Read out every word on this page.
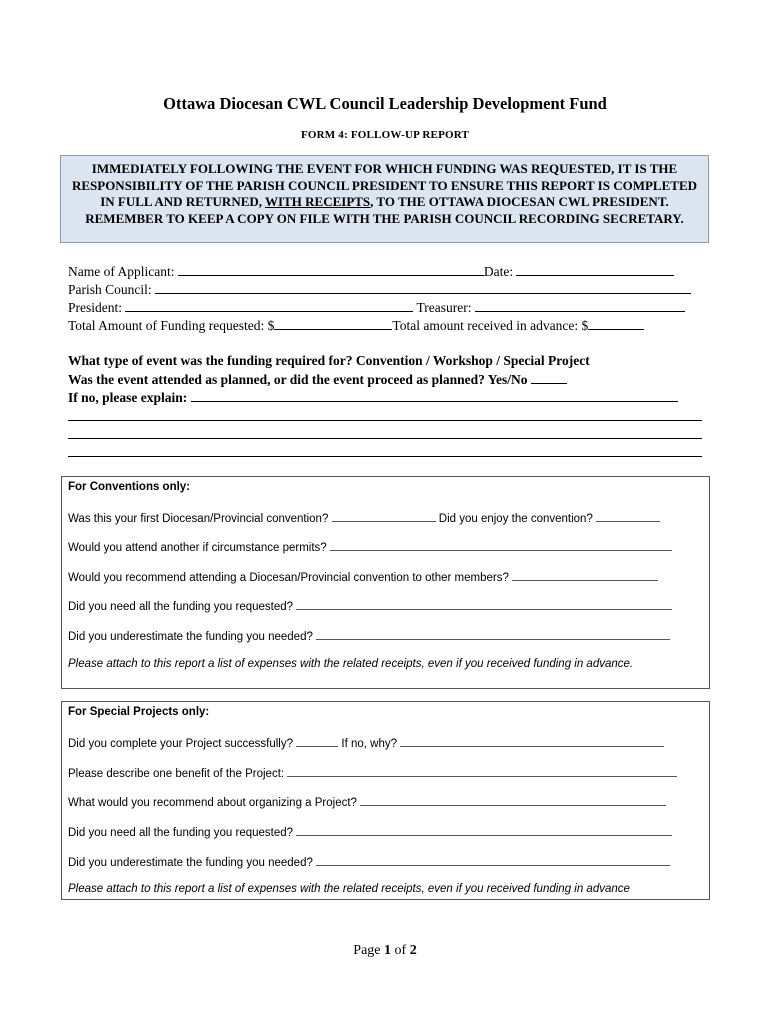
Ottawa Diocesan CWL Council Leadership Development Fund
FORM 4: FOLLOW-UP REPORT
IMMEDIATELY FOLLOWING THE EVENT FOR WHICH FUNDING WAS REQUESTED, IT IS THE RESPONSIBILITY OF THE PARISH COUNCIL PRESIDENT TO ENSURE THIS REPORT IS COMPLETED IN FULL AND RETURNED, WITH RECEIPTS, TO THE OTTAWA DIOCESAN CWL PRESIDENT. REMEMBER TO KEEP A COPY ON FILE WITH THE PARISH COUNCIL RECORDING SECRETARY.
Name of Applicant:	Date:
Parish Council:
President:	Treasurer:
Total Amount of Funding requested: $	Total amount received in advance: $
What type of event was the funding required for? Convention / Workshop / Special Project
Was the event attended as planned, or did the event proceed as planned? Yes/No
If no, please explain:
For Conventions only:
Was this your first Diocesan/Provincial convention?	Did you enjoy the convention?
Would you attend another if circumstance permits?
Would you recommend attending a Diocesan/Provincial convention to other members?
Did you need all the funding you requested?
Did you underestimate the funding you needed?
Please attach to this report a list of expenses with the related receipts, even if you received funding in advance.
For Special Projects only:
Did you complete your Project successfully?	If no, why?
Please describe one benefit of the Project:
What would you recommend about organizing a Project?
Did you need all the funding you requested?
Did you underestimate the funding you needed?
Please attach to this report a list of expenses with the related receipts, even if you received funding in advance
Page 1 of 2
